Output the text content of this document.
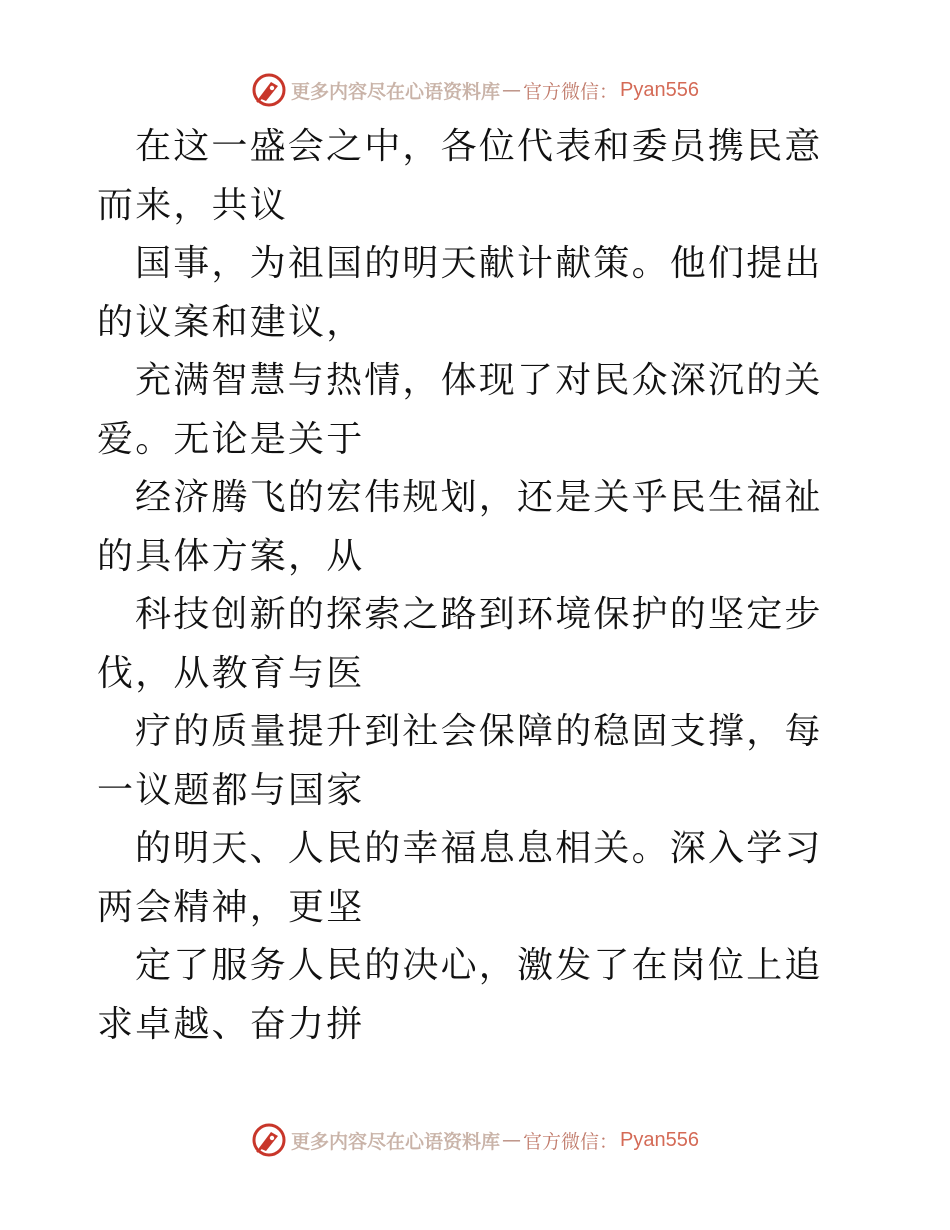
更多内容尽在心语资料库 — 官方微信： Pyan556

在这一盛会之中，各位代表和委员携民意而来，共议

国事，为祖国的明天献计献策。他们提出的议案和建议，

充满智慧与热情，体现了对民众深沉的关爱。无论是关于

经济腾飞的宏伟规划，还是关乎民生福祉的具体方案，从

科技创新的探索之路到环境保护的坚定步伐，从教育与医

疗的质量提升到社会保障的稳固支撑，每一议题都与国家

的明天、人民的幸福息息相关。深入学习两会精神，更坚

定了服务人民的决心，激发了在岗位上追求卓越、奋力拼

更多内容尽在心语资料库 — 官方微信： Pyan556
